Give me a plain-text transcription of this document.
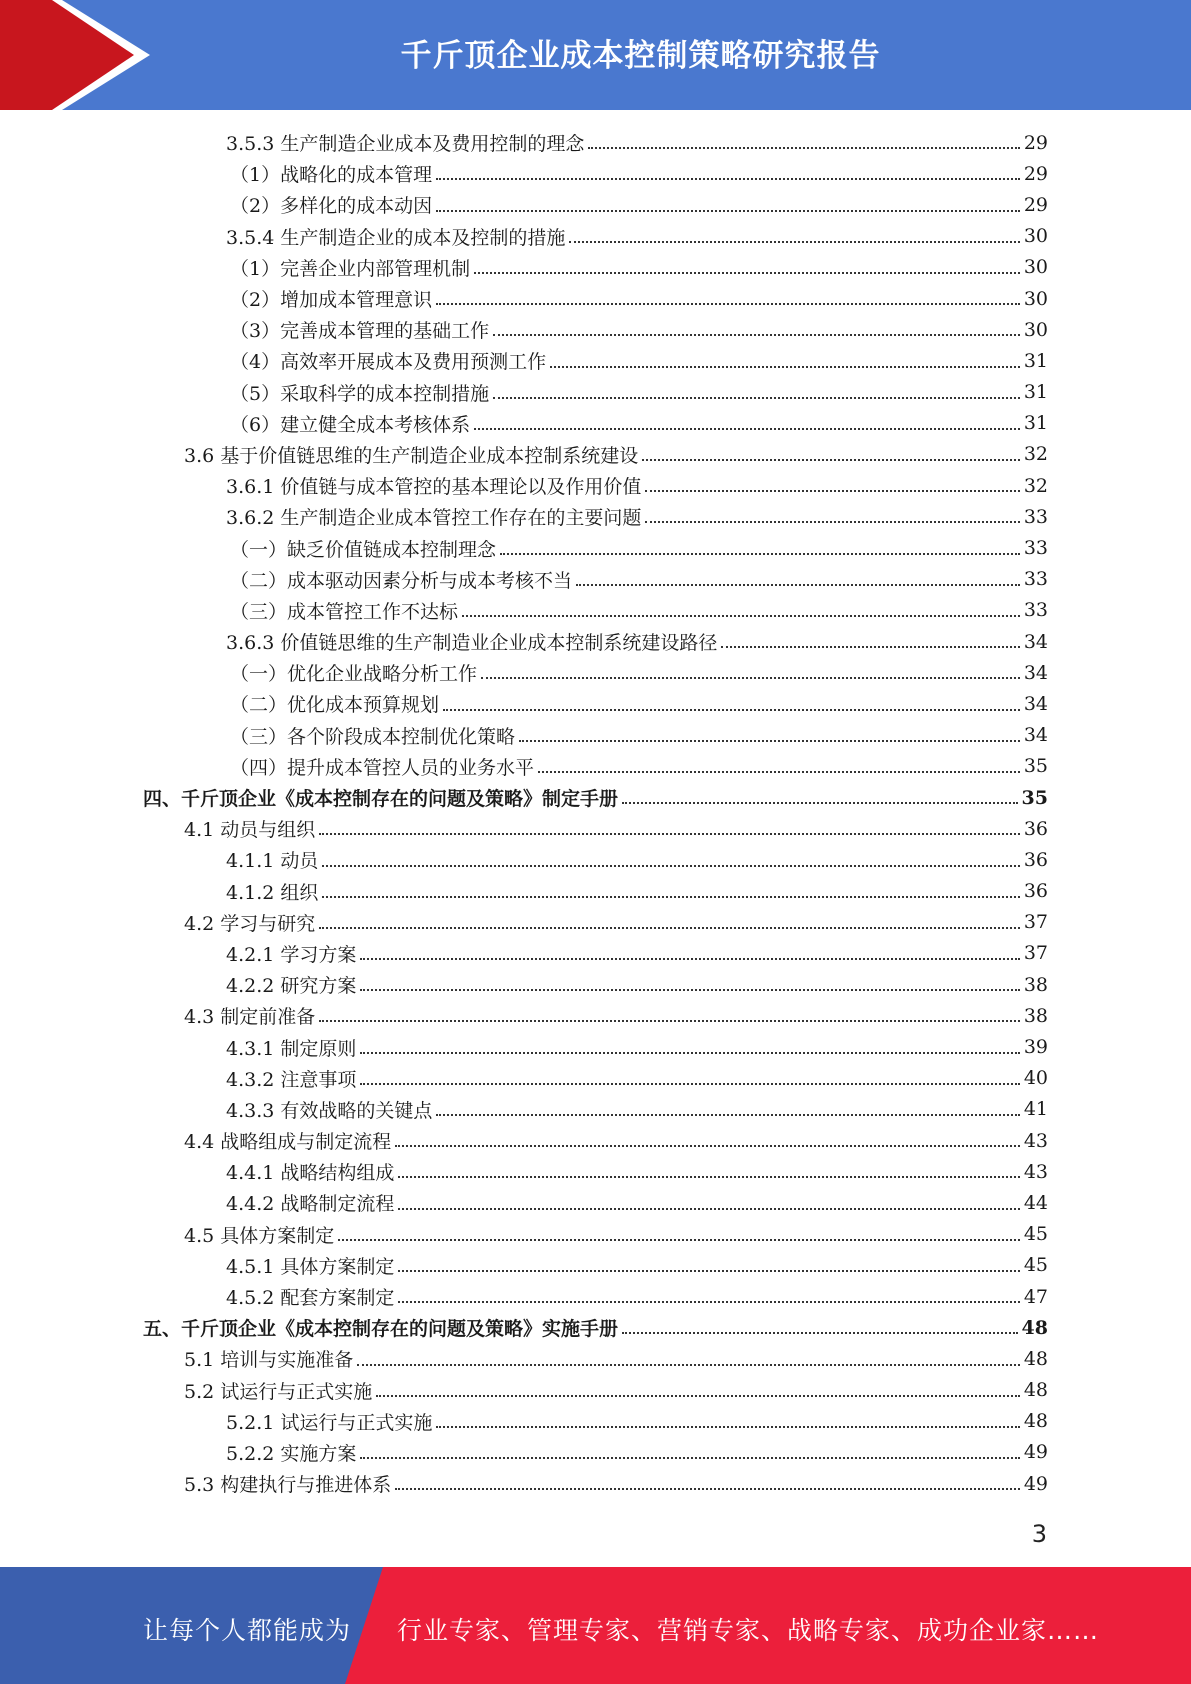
千斤顶企业成本控制策略研究报告
3.5.3 生产制造企业成本及费用控制的理念	29
（1）战略化的成本管理	29
（2）多样化的成本动因	29
3.5.4 生产制造企业的成本及控制的措施	30
（1）完善企业内部管理机制	30
（2）增加成本管理意识	30
（3）完善成本管理的基础工作	30
（4）高效率开展成本及费用预测工作	31
（5）采取科学的成本控制措施	31
（6）建立健全成本考核体系	31
3.6 基于价值链思维的生产制造企业成本控制系统建设	32
3.6.1 价值链与成本管控的基本理论以及作用价值	32
3.6.2 生产制造企业成本管控工作存在的主要问题	33
（一）缺乏价值链成本控制理念	33
（二）成本驱动因素分析与成本考核不当	33
（三）成本管控工作不达标	33
3.6.3 价值链思维的生产制造业企业成本控制系统建设路径	34
（一）优化企业战略分析工作	34
（二）优化成本预算规划	34
（三）各个阶段成本控制优化策略	34
（四）提升成本管控人员的业务水平	35
四、千斤顶企业《成本控制存在的问题及策略》制定手册	35
4.1 动员与组织	36
4.1.1 动员	36
4.1.2 组织	36
4.2 学习与研究	37
4.2.1 学习方案	37
4.2.2 研究方案	38
4.3 制定前准备	38
4.3.1 制定原则	39
4.3.2 注意事项	40
4.3.3 有效战略的关键点	41
4.4 战略组成与制定流程	43
4.4.1 战略结构组成	43
4.4.2 战略制定流程	44
4.5 具体方案制定	45
4.5.1 具体方案制定	45
4.5.2 配套方案制定	47
五、千斤顶企业《成本控制存在的问题及策略》实施手册	48
5.1 培训与实施准备	48
5.2 试运行与正式实施	48
5.2.1 试运行与正式实施	48
5.2.2 实施方案	49
5.3 构建执行与推进体系	49
3
让每个人都能成为 行业专家、管理专家、营销专家、战略专家、成功企业家……
